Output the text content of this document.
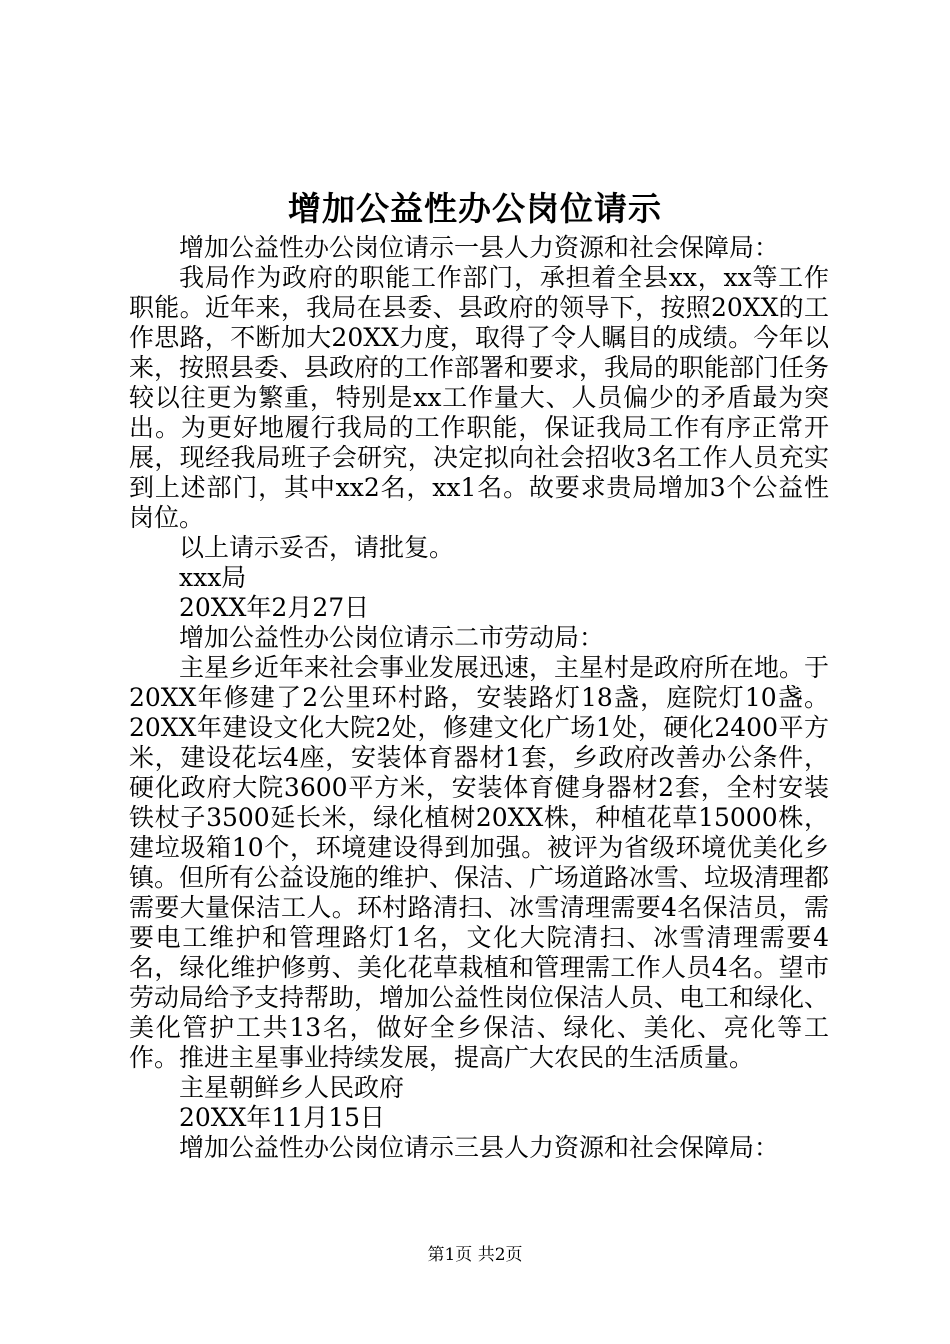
增加公益性办公岗位请示

增加公益性办公岗位请示一县人力资源和社会保障局：

我局作为政府的职能工作部门，承担着全县xx，xx等工作职能。近年来，我局在县委、县政府的领导下，按照20XX的工作思路，不断加大20XX力度，取得了令人瞩目的成绩。今年以来，按照县委、县政府的工作部署和要求，我局的职能部门任务较以往更为繁重，特别是xx工作量大、人员偏少的矛盾最为突出。为更好地履行我局的工作职能，保证我局工作有序正常开展，现经我局班子会研究，决定拟向社会招收3名工作人员充实到上述部门，其中xx2名，xx1名。故要求贵局增加3个公益性岗位。

以上请示妥否，请批复。

xxx局

20XX年2月27日

增加公益性办公岗位请示二市劳动局：

主星乡近年来社会事业发展迅速，主星村是政府所在地。于20XX年修建了2公里环村路，安装路灯18盏，庭院灯10盏。20XX年建设文化大院2处，修建文化广场1处，硬化2400平方米，建设花坛4座，安装体育器材1套，乡政府改善办公条件，硬化政府大院3600平方米，安装体育健身器材2套，全村安装铁杖子3500延长米，绿化植树20XX株，种植花草15000株，建垃圾箱10个，环境建设得到加强。被评为省级环境优美化乡镇。但所有公益设施的维护、保洁、广场道路冰雪、垃圾清理都需要大量保洁工人。环村路清扫、冰雪清理需要4名保洁员，需要电工维护和管理路灯1名，文化大院清扫、冰雪清理需要4名，绿化维护修剪、美化花草栽植和管理需工作人员4名。望市劳动局给予支持帮助，增加公益性岗位保洁人员、电工和绿化、美化管护工共13名，做好全乡保洁、绿化、美化、亮化等工作。推进主星事业持续发展，提高广大农民的生活质量。

主星朝鲜乡人民政府

20XX年11月15日

增加公益性办公岗位请示三县人力资源和社会保障局：

第1页 共2页
